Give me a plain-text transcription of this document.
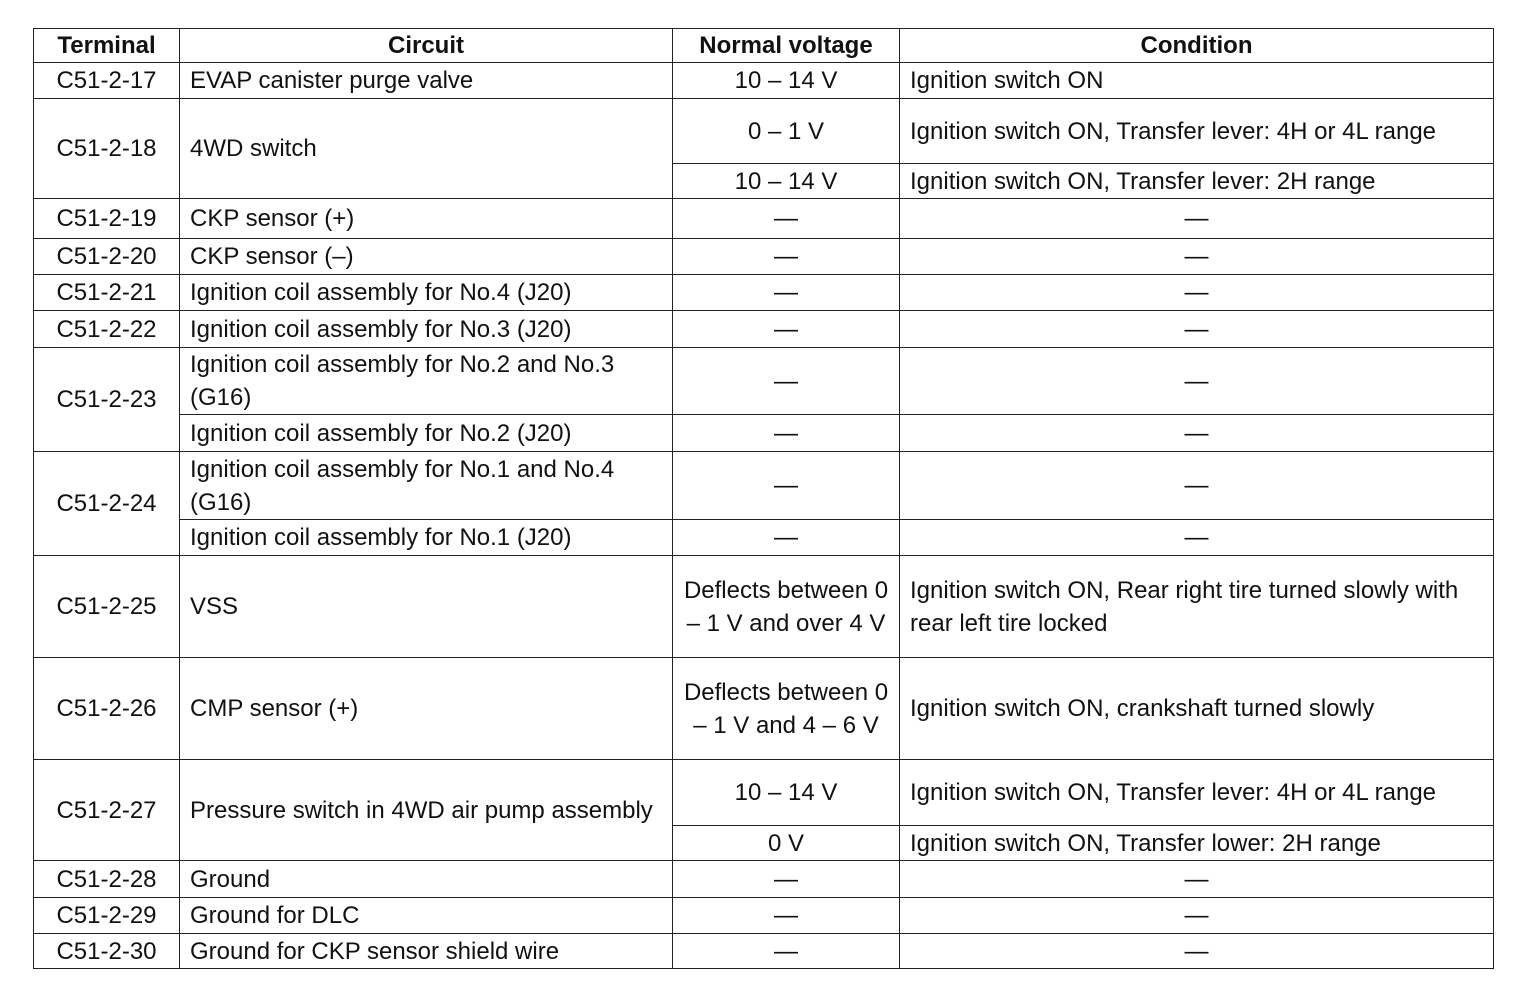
Terminal	Circuit	Normal voltage	Condition
C51-2-17	EVAP canister purge valve	10 – 14 V	Ignition switch ON
C51-2-18	4WD switch	0 – 1 V	Ignition switch ON, Transfer lever: 4H or 4L range
		10 – 14 V	Ignition switch ON, Transfer lever: 2H range
C51-2-19	CKP sensor (+)	—	—
C51-2-20	CKP sensor (–)	—	—
C51-2-21	Ignition coil assembly for No.4 (J20)	—	—
C51-2-22	Ignition coil assembly for No.3 (J20)	—	—
C51-2-23	Ignition coil assembly for No.2 and No.3 (G16)	—	—
	Ignition coil assembly for No.2 (J20)	—	—
C51-2-24	Ignition coil assembly for No.1 and No.4 (G16)	—	—
	Ignition coil assembly for No.1 (J20)	—	—
C51-2-25	VSS	Deflects between 0 – 1 V and over 4 V	Ignition switch ON, Rear right tire turned slowly with rear left tire locked
C51-2-26	CMP sensor (+)	Deflects between 0 – 1 V and 4 – 6 V	Ignition switch ON, crankshaft turned slowly
C51-2-27	Pressure switch in 4WD air pump assembly	10 – 14 V	Ignition switch ON, Transfer lever: 4H or 4L range
		0 V	Ignition switch ON, Transfer lower: 2H range
C51-2-28	Ground	—	—
C51-2-29	Ground for DLC	—	—
C51-2-30	Ground for CKP sensor shield wire	—	—
